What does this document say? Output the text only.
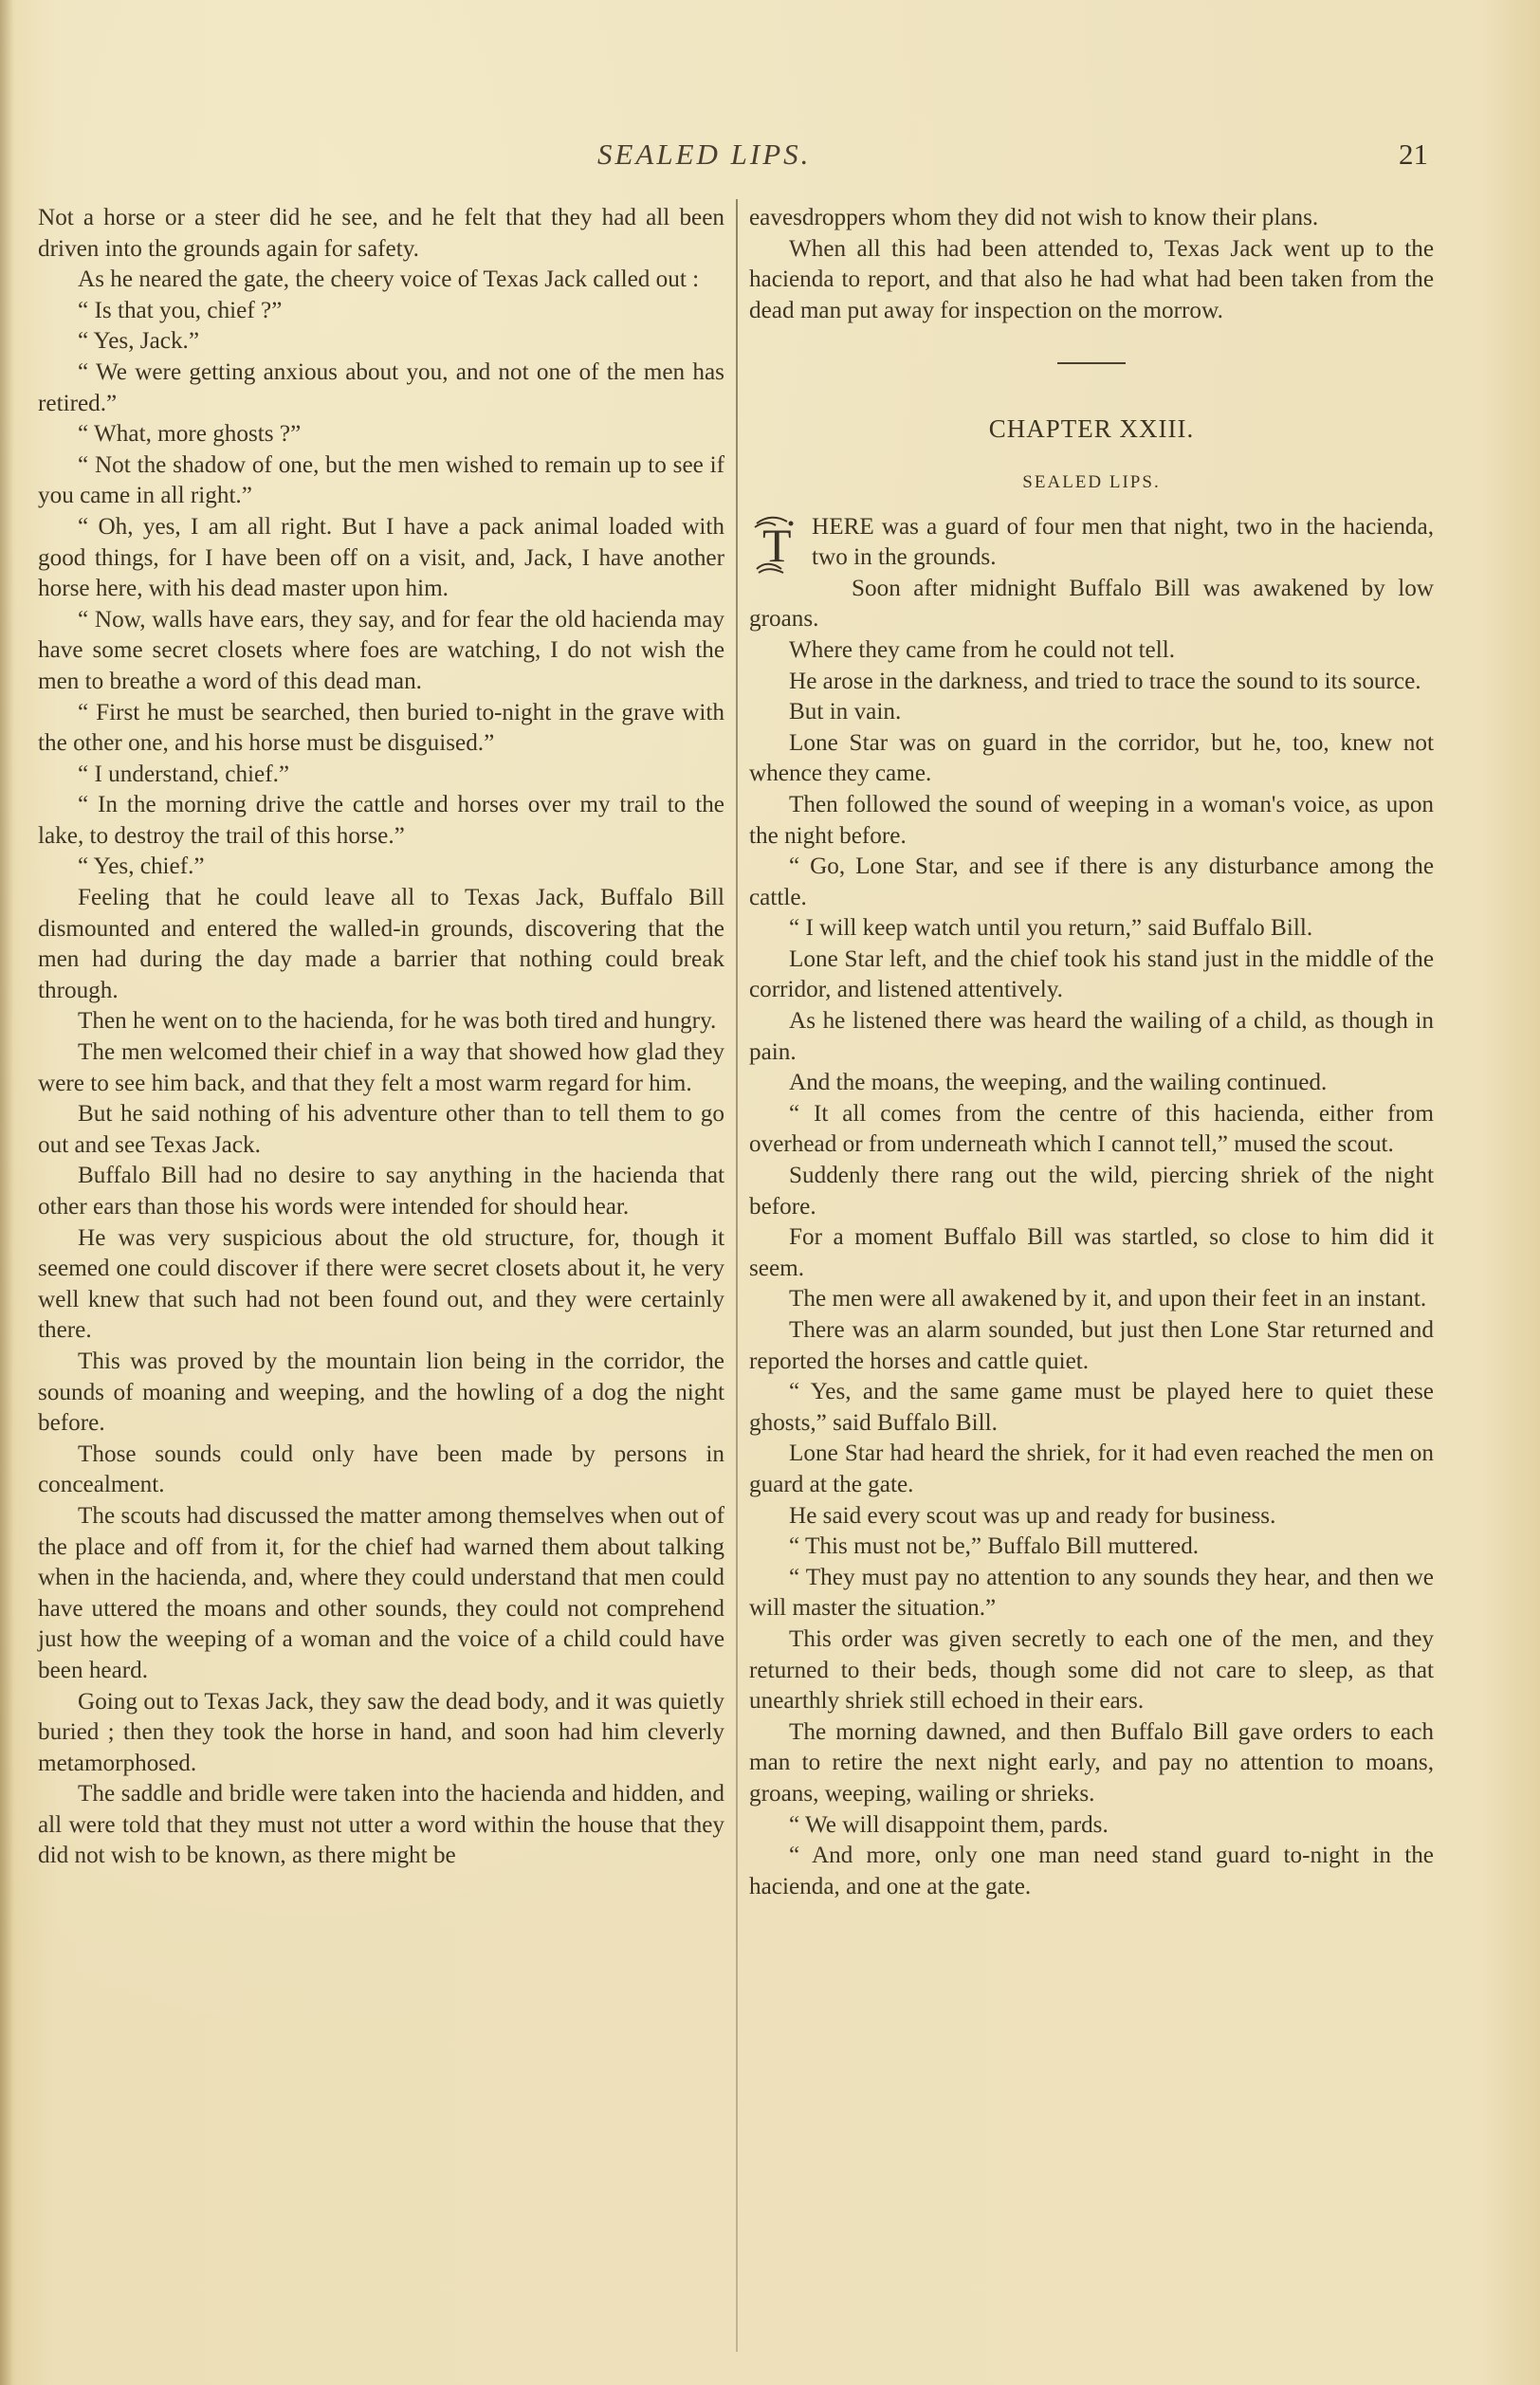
SEALED LIPS.	21

Not a horse or a steer did he see, and he felt that they had all been driven into the grounds again for safety.

As he neared the gate, the cheery voice of Texas Jack called out :

“ Is that you, chief ?”

“ Yes, Jack.”

“ We were getting anxious about you, and not one of the men has retired.”

“ What, more ghosts ?”

“ Not the shadow of one, but the men wished to remain up to see if you came in all right.”

“ Oh, yes, I am all right. But I have a pack animal loaded with good things, for I have been off on a visit, and, Jack, I have another horse here, with his dead master upon him.

“ Now, walls have ears, they say, and for fear the old hacienda may have some secret closets where foes are watching, I do not wish the men to breathe a word of this dead man.

“ First he must be searched, then buried to-night in the grave with the other one, and his horse must be disguised.”

“ I understand, chief.”

“ In the morning drive the cattle and horses over my trail to the lake, to destroy the trail of this horse.”

“ Yes, chief.”

Feeling that he could leave all to Texas Jack, Buffalo Bill dismounted and entered the walled-in grounds, discovering that the men had during the day made a barrier that nothing could break through.

Then he went on to the hacienda, for he was both tired and hungry.

The men welcomed their chief in a way that showed how glad they were to see him back, and that they felt a most warm regard for him.

But he said nothing of his adventure other than to tell them to go out and see Texas Jack.

Buffalo Bill had no desire to say anything in the hacienda that other ears than those his words were intended for should hear.

He was very suspicious about the old structure, for, though it seemed one could discover if there were secret closets about it, he very well knew that such had not been found out, and they were certainly there.

This was proved by the mountain lion being in the corridor, the sounds of moaning and weeping, and the howling of a dog the night before.

Those sounds could only have been made by persons in concealment.

The scouts had discussed the matter among themselves when out of the place and off from it, for the chief had warned them about talking when in the hacienda, and, where they could understand that men could have uttered the moans and other sounds, they could not comprehend just how the weeping of a woman and the voice of a child could have been heard.

Going out to Texas Jack, they saw the dead body, and it was quietly buried ; then they took the horse in hand, and soon had him cleverly metamorphosed.

The saddle and bridle were taken into the hacienda and hidden, and all were told that they must not utter a word within the house that they did not wish to be known, as there might be

eavesdroppers whom they did not wish to know their plans.

When all this had been attended to, Texas Jack went up to the hacienda to report, and that also he had what had been taken from the dead man put away for inspection on the morrow.

CHAPTER XXIII.
SEALED LIPS.
T HERE was a guard of four men that night, two in the hacienda, two in the grounds.

Soon after midnight Buffalo Bill was awakened by low groans.

Where they came from he could not tell.

He arose in the darkness, and tried to trace the sound to its source.

But in vain.

Lone Star was on guard in the corridor, but he, too, knew not whence they came.

Then followed the sound of weeping in a woman's voice, as upon the night before.

“ Go, Lone Star, and see if there is any disturbance among the cattle.

“ I will keep watch until you return,” said Buffalo Bill.

Lone Star left, and the chief took his stand just in the middle of the corridor, and listened attentively.

As he listened there was heard the wailing of a child, as though in pain.

And the moans, the weeping, and the wailing continued.

“ It all comes from the centre of this hacienda, either from overhead or from underneath which I cannot tell,” mused the scout.

Suddenly there rang out the wild, piercing shriek of the night before.

For a moment Buffalo Bill was startled, so close to him did it seem.

The men were all awakened by it, and upon their feet in an instant.

There was an alarm sounded, but just then Lone Star returned and reported the horses and cattle quiet.

“ Yes, and the same game must be played here to quiet these ghosts,” said Buffalo Bill.

Lone Star had heard the shriek, for it had even reached the men on guard at the gate.

He said every scout was up and ready for business.

“ This must not be,” Buffalo Bill muttered.

“ They must pay no attention to any sounds they hear, and then we will master the situation.”

This order was given secretly to each one of the men, and they returned to their beds, though some did not care to sleep, as that unearthly shriek still echoed in their ears.

The morning dawned, and then Buffalo Bill gave orders to each man to retire the next night early, and pay no attention to moans, groans, weeping, wailing or shrieks.

“ We will disappoint them, pards.

“ And more, only one man need stand guard to-night in the hacienda, and one at the gate.
